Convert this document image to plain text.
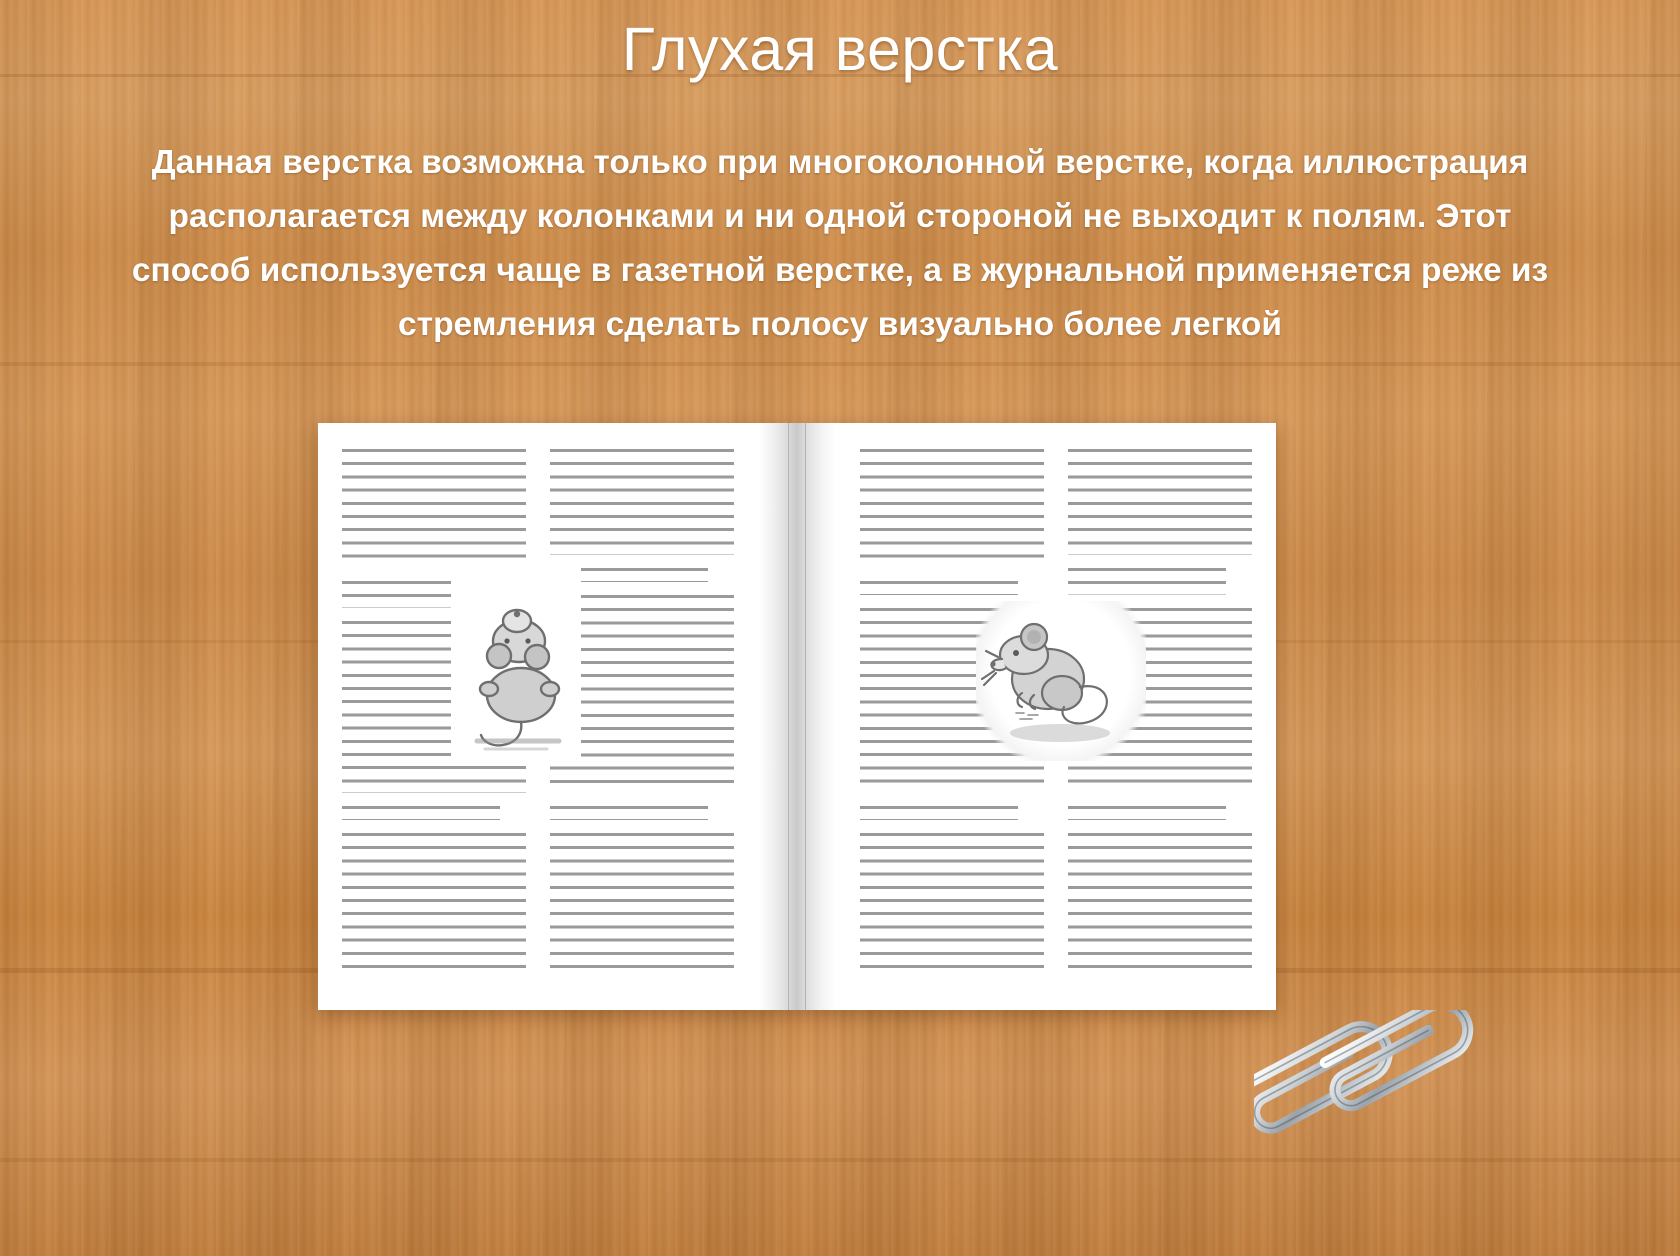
Глухая верстка
Данная верстка возможна только при многоколонной верстке, когда иллюстрация располагается между колонками и ни одной стороной не выходит к полям. Этот способ используется чаще в газетной верстке, а в журнальной применяется реже из стремления сделать полосу визуально более легкой
